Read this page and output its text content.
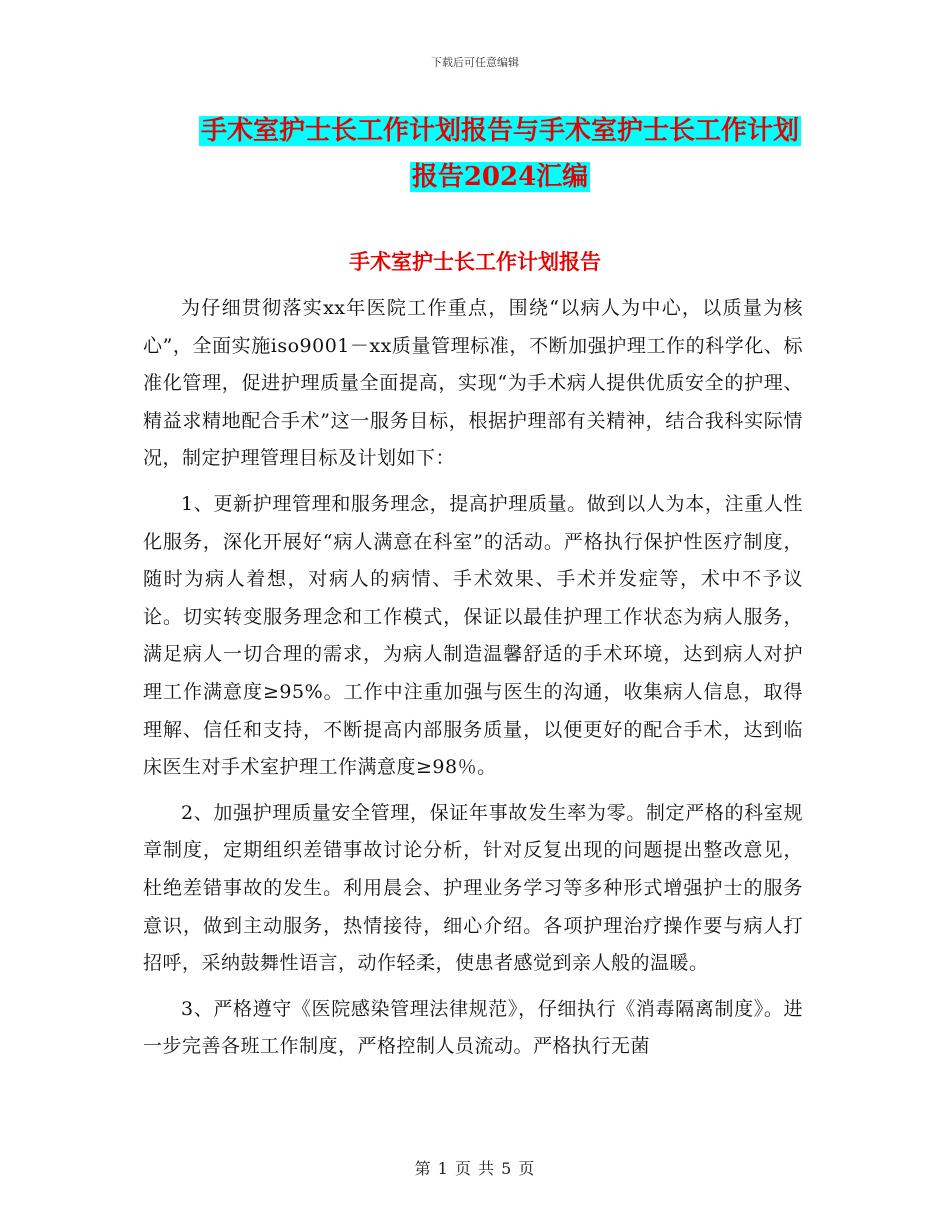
下载后可任意编辑
手术室护士长工作计划报告与手术室护士长工作计划
报告2024汇编
手术室护士长工作计划报告

为仔细贯彻落实xx年医院工作重点，围绕“以病人为中心，以质量为核心”，全面实施iso9001－xx质量管理标准，不断加强护理工作的科学化、标准化管理，促进护理质量全面提高，实现“为手术病人提供优质安全的护理、精益求精地配合手术”这一服务目标，根据护理部有关精神，结合我科实际情况，制定护理管理目标及计划如下：

1、更新护理管理和服务理念，提高护理质量。做到以人为本，注重人性化服务，深化开展好“病人满意在科室”的活动。严格执行保护性医疗制度，随时为病人着想，对病人的病情、手术效果、手术并发症等，术中不予议论。切实转变服务理念和工作模式，保证以最佳护理工作状态为病人服务，满足病人一切合理的需求，为病人制造温馨舒适的手术环境，达到病人对护理工作满意度≥95%。工作中注重加强与医生的沟通，收集病人信息，取得理解、信任和支持，不断提高内部服务质量，以便更好的配合手术，达到临床医生对手术室护理工作满意度≥98％。

2、加强护理质量安全管理，保证年事故发生率为零。制定严格的科室规章制度，定期组织差错事故讨论分析，针对反复出现的问题提出整改意见，杜绝差错事故的发生。利用晨会、护理业务学习等多种形式增强护士的服务意识，做到主动服务，热情接待，细心介绍。各项护理治疗操作要与病人打招呼，采纳鼓舞性语言，动作轻柔，使患者感觉到亲人般的温暖。

3、严格遵守《医院感染管理法律规范》，仔细执行《消毒隔离制度》。进一步完善各班工作制度，严格控制人员流动。严格执行无菌

第 1 页 共 5 页
